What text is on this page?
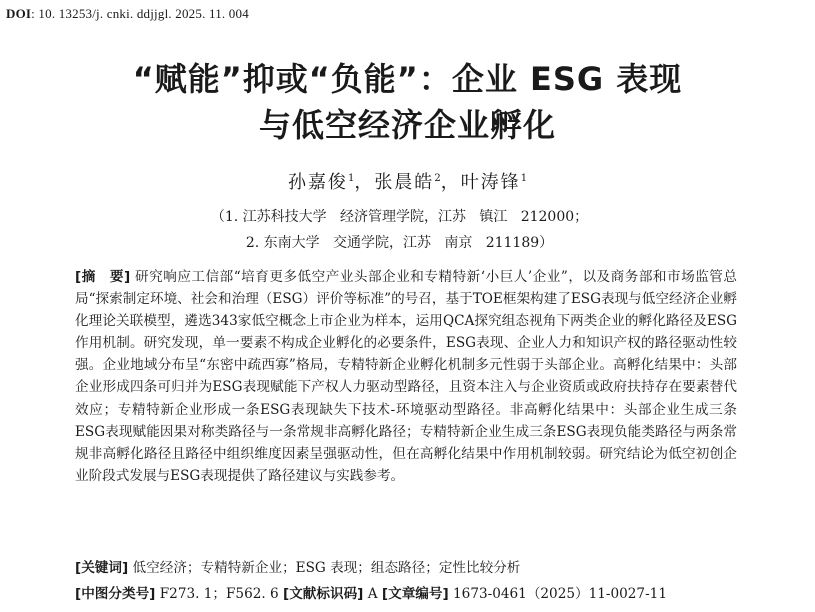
DOI: 10. 13253/j. cnki. ddjjgl. 2025. 11. 004
“赋能”抑或“负能”：企业 ESG 表现
与低空经济企业孵化
孙嘉俊$^1$，张晨皓$^2$，叶涛锋$^1$
（1. 江苏科技大学   经济管理学院，江苏   镇江   212000；
2. 东南大学   交通学院，江苏   南京   211189）
[摘　要] 研究响应工信部“培育更多低空产业头部企业和专精特新‘小巨人’企业”，以及商务部和市场监管总局“探索制定环境、社会和治理（ESG）评价等标准”的号召，基于TOE框架构建了ESG表现与低空经济企业孵化理论关联模型，遴选343家低空概念上市企业为样本，运用QCA探究组态视角下两类企业的孵化路径及ESG作用机制。研究发现，单一要素不构成企业孵化的必要条件，ESG表现、企业人力和知识产权的路径驱动性较强。企业地域分布呈“东密中疏西寡”格局，专精特新企业孵化机制多元性弱于头部企业。高孵化结果中：头部企业形成四条可归并为ESG表现赋能下产权人力驱动型路径，且资本注入与企业资质或政府扶持存在要素替代效应；专精特新企业形成一条ESG表现缺失下技术-环境驱动型路径。非高孵化结果中：头部企业生成三条ESG表现赋能因果对称类路径与一条常规非高孵化路径；专精特新企业生成三条ESG表现负能类路径与两条常规非高孵化路径且路径中组织维度因素呈强驱动性，但在高孵化结果中作用机制较弱。研究结论为低空初创企业阶段式发展与ESG表现提供了路径建议与实践参考。
[关键词] 低空经济；专精特新企业；ESG 表现；组态路径；定性比较分析
[中图分类号] F273. 1；F562. 6 [文献标识码] A [文章编号] 1673-0461（2025）11-0027-11
